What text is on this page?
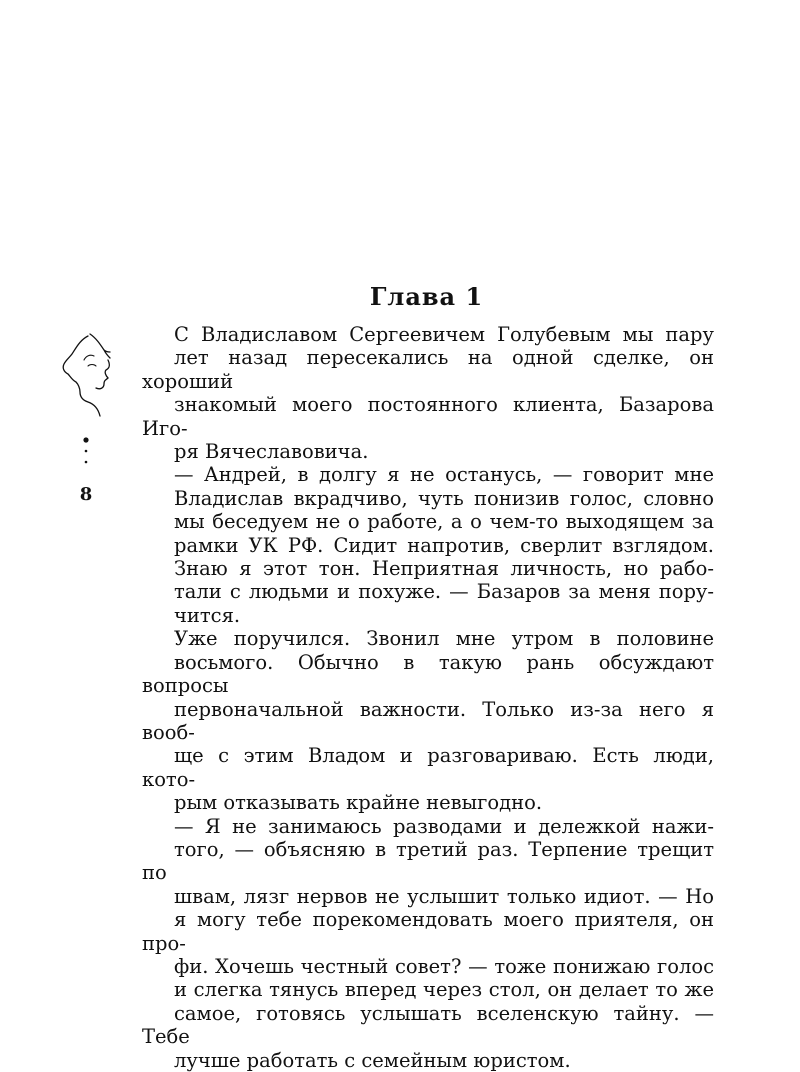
Глава 1
8

С Владиславом Сергеевичем Голубевым мы пару
лет назад пересекались на одной сделке, он хороший
знакомый моего постоянного клиента, Базарова Иго-
ря Вячеславовича.

— Андрей, в долгу я не останусь, — говорит мне
Владислав вкрадчиво, чуть понизив голос, словно
мы беседуем не о работе, а о чем-то выходящем за
рамки УК РФ. Сидит напротив, сверлит взглядом.
Знаю я этот тон. Неприятная личность, но рабо-
тали с людьми и похуже. — Базаров за меня пору-
чится.

Уже поручился. Звонил мне утром в половине
восьмого. Обычно в такую рань обсуждают вопросы
первоначальной важности. Только из-за него я вооб-
ще с этим Владом и разговариваю. Есть люди, кото-
рым отказывать крайне невыгодно.

— Я не занимаюсь разводами и дележкой нажи-
того, — объясняю в третий раз. Терпение трещит по
швам, лязг нервов не услышит только идиот. — Но
я могу тебе порекомендовать моего приятеля, он про-
фи. Хочешь честный совет? — тоже понижаю голос
и слегка тянусь вперед через стол, он делает то же
самое, готовясь услышать вселенскую тайну. — Тебе
лучше работать с семейным юристом.
